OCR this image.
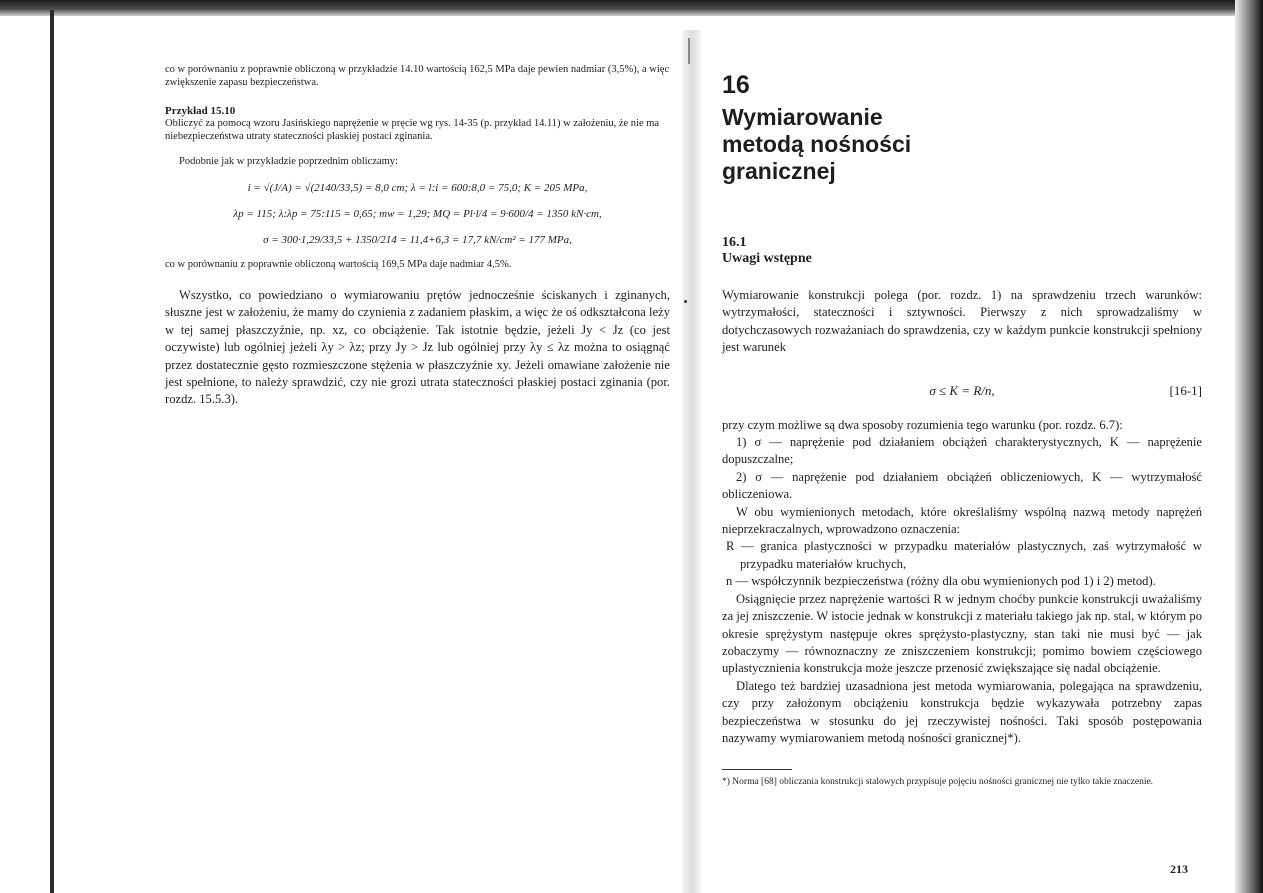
co w porównaniu z poprawnie obliczoną w przykładzie 14.10 wartością 162,5 MPa daje pewien nadmiar (3,5%), a więc zwiększenie zapasu bezpieczeństwa.

Przykład 15.10

Obliczyć za pomocą wzoru Jasińskiego naprężenie w pręcie wg rys. 14-35 (p. przykład 14.11) w założeniu, że nie ma niebezpieczeństwa utraty stateczności płaskiej postaci zginania.

Podobnie jak w przykładzie poprzednim obliczamy:

i = √(J/A) = √(2140/33,5) = 8,0 cm; λ = l:i = 600:8,0 = 75,0; K = 205 MPa,

λp = 115; λ:λp = 75:115 = 0,65; mw = 1,29; MQ = Pl·l/4 = 9·600/4 = 1350 kN·cm,

σ = 300·1,29/33,5 + 1350/214 = 11,4+6,3 = 17,7 kN/cm² = 177 MPa,

co w porównaniu z poprawnie obliczoną wartością 169,5 MPa daje nadmiar 4,5%.

Wszystko, co powiedziano o wymiarowaniu prętów jednocześnie ściskanych i zginanych, słuszne jest w założeniu, że mamy do czynienia z zadaniem płaskim, a więc że oś odkształcona leży w tej samej płaszczyźnie, np. xz, co obciążenie. Tak istotnie będzie, jeżeli Jy < Jz (co jest oczywiste) lub ogólniej jeżeli λy > λz; przy Jy > Jz lub ogólniej przy λy ≤ λz można to osiągnąć przez dostatecznie gęsto rozmieszczone stężenia w płaszczyźnie xy. Jeżeli omawiane założenie nie jest spełnione, to należy sprawdzić, czy nie grozi utrata stateczności płaskiej postaci zginania (por. rozdz. 15.5.3).

16

Wymiarowanie
metodą nośności
granicznej

16.1

Uwagi wstępne

Wymiarowanie konstrukcji polega (por. rozdz. 1) na sprawdzeniu trzech warunków: wytrzymałości, stateczności i sztywności. Pierwszy z nich sprowadzaliśmy w dotychczasowych rozważaniach do sprawdzenia, czy w każdym punkcie konstrukcji spełniony jest warunek

σ ≤ K = R/n,	[16-1]

przy czym możliwe są dwa sposoby rozumienia tego warunku (por. rozdz. 6.7):

1) σ — naprężenie pod działaniem obciążeń charakterystycznych, K — naprężenie dopuszczalne;

2) σ — naprężenie pod działaniem obciążeń obliczeniowych, K — wytrzymałość obliczeniowa.

W obu wymienionych metodach, które określaliśmy wspólną nazwą metody naprężeń nieprzekraczalnych, wprowadzono oznaczenia:

R — granica plastyczności w przypadku materiałów plastycznych, zaś wytrzymałość w przypadku materiałów kruchych,

n — współczynnik bezpieczeństwa (różny dla obu wymienionych pod 1) i 2) metod).

Osiągnięcie przez naprężenie wartości R w jednym choćby punkcie konstrukcji uważaliśmy za jej zniszczenie. W istocie jednak w konstrukcji z materiału takiego jak np. stal, w którym po okresie sprężystym następuje okres sprężysto-plastyczny, stan taki nie musi być — jak zobaczymy — równoznaczny ze zniszczeniem konstrukcji; pomimo bowiem częściowego uplastycznienia konstrukcja może jeszcze przenosić zwiększające się nadal obciążenie.

Dlatego też bardziej uzasadniona jest metoda wymiarowania, polegająca na sprawdzeniu, czy przy założonym obciążeniu konstrukcja będzie wykazywała potrzebny zapas bezpieczeństwa w stosunku do jej rzeczywistej nośności. Taki sposób postępowania nazywamy wymiarowaniem metodą nośności granicznej*).

*) Norma [68] obliczania konstrukcji stalowych przypisuje pojęciu nośności granicznej nie tylko takie znaczenie.

213
